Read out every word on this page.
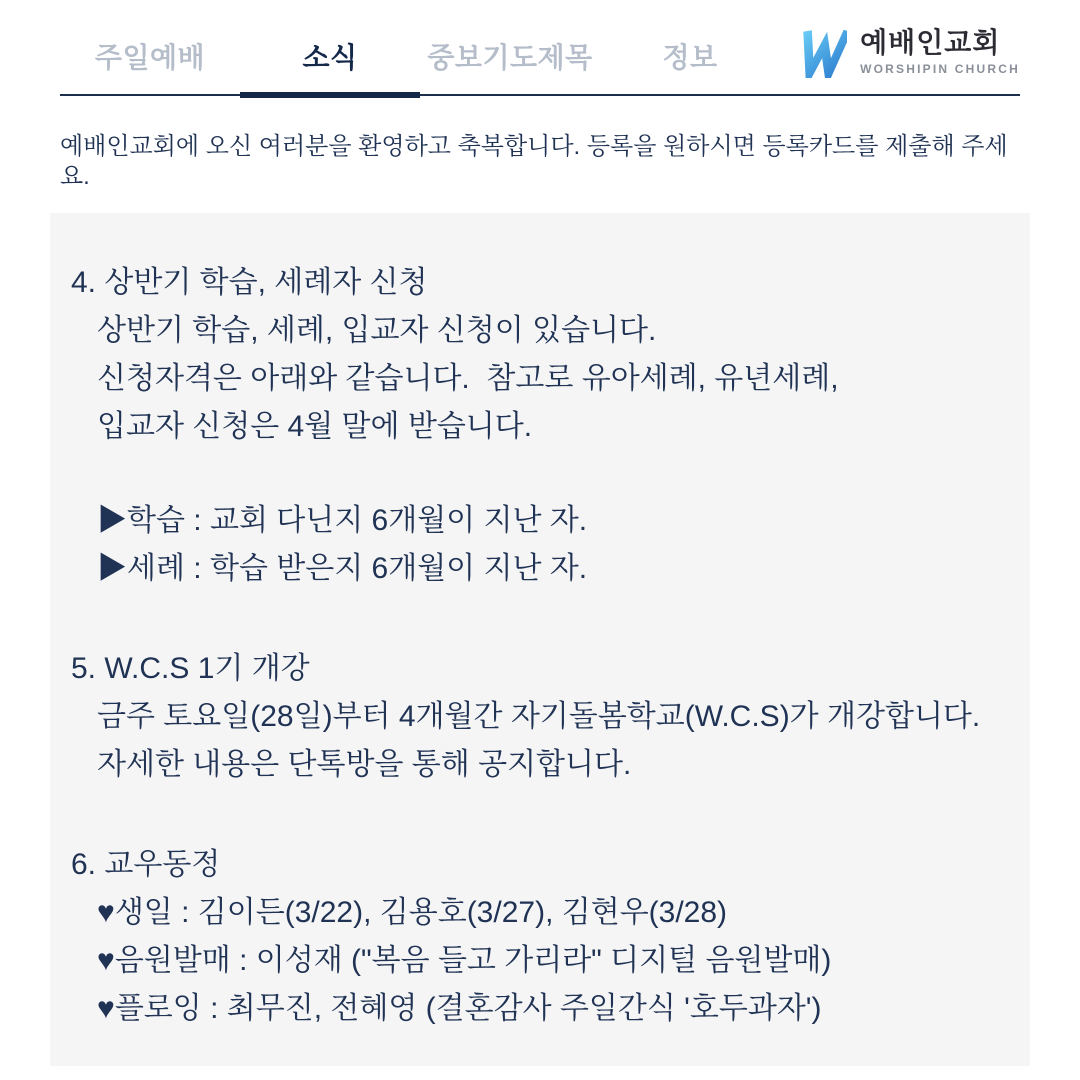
주일예배	소식	중보기도제목	정보	예배인교회
WORSHIPIN CHURCH

예배인교회에 오신 여러분을 환영하고 축복합니다. 등록을 원하시면 등록카드를 제출해 주세요.

4. 상반기 학습, 세례자 신청
상반기 학습, 세례, 입교자 신청이 있습니다.
신청자격은 아래와 같습니다.  참고로 유아세례, 유년세례,
입교자 신청은 4월 말에 받습니다.
▶학습 : 교회 다닌지 6개월이 지난 자.
▶세례 : 학습 받은지 6개월이 지난 자.
5. W.C.S 1기 개강
금주 토요일(28일)부터 4개월간 자기돌봄학교(W.C.S)가 개강합니다.
자세한 내용은 단톡방을 통해 공지합니다.
6. 교우동정
♥생일 : 김이든(3/22), 김용호(3/27), 김현우(3/28)
♥음원발매 : 이성재 ("복음 들고 가리라" 디지털 음원발매)
♥플로잉 : 최무진, 전혜영 (결혼감사 주일간식 '호두과자')
